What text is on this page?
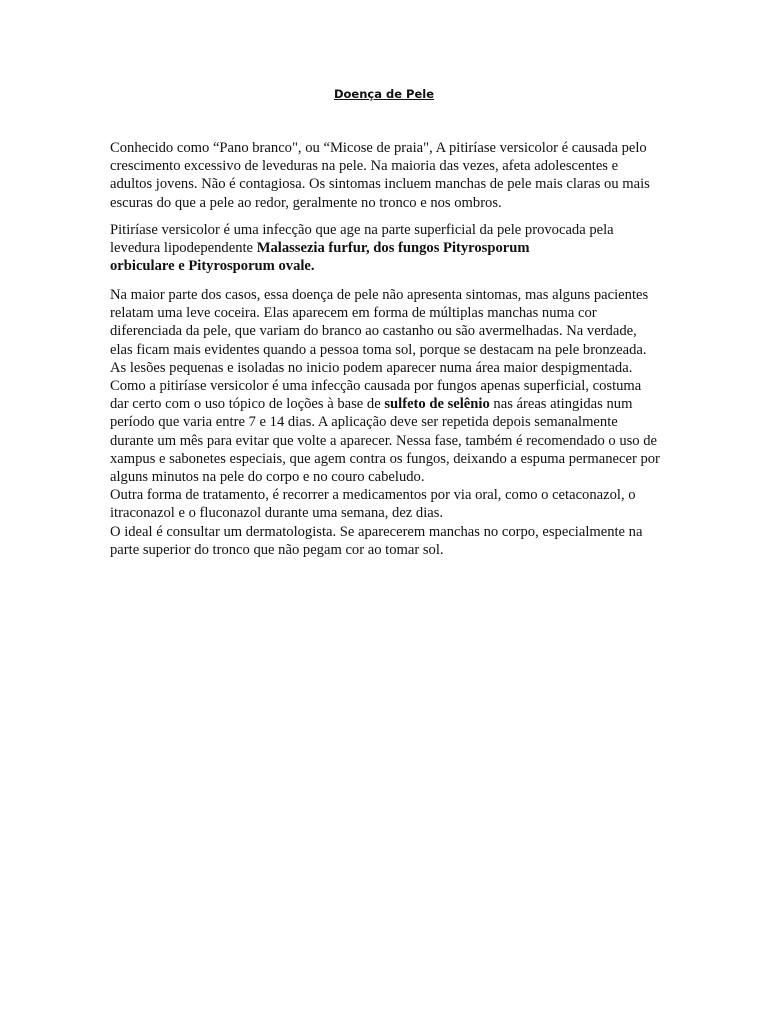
Doença de Pele

Conhecido como “Pano branco", ou “Micose de praia", A pitiríase versicolor é causada pelo crescimento excessivo de leveduras na pele. Na maioria das vezes, afeta adolescentes e adultos jovens. Não é contagiosa. Os sintomas incluem manchas de pele mais claras ou mais escuras do que a pele ao redor, geralmente no tronco e nos ombros.

Pitiríase versicolor é uma infecção que age na parte superficial da pele provocada pela levedura lipodependente Malassezia furfur, dos fungos Pityrosporum
orbiculare e Pityrosporum ovale.

Na maior parte dos casos, essa doença de pele não apresenta sintomas, mas alguns pacientes relatam uma leve coceira. Elas aparecem em forma de múltiplas manchas numa cor diferenciada da pele, que variam do branco ao castanho ou são avermelhadas. Na verdade, elas ficam mais evidentes quando a pessoa toma sol, porque se destacam na pele bronzeada. As lesões pequenas e isoladas no inicio podem aparecer numa área maior despigmentada.
Como a pitiríase versicolor é uma infecção causada por fungos apenas superficial, costuma dar certo com o uso tópico de loções à base de sulfeto de selênio nas áreas atingidas num período que varia entre 7 e 14 dias. A aplicação deve ser repetida depois semanalmente durante um mês para evitar que volte a aparecer. Nessa fase, também é recomendado o uso de xampus e sabonetes especiais, que agem contra os fungos, deixando a espuma permanecer por alguns minutos na pele do corpo e no couro cabeludo.
Outra forma de tratamento, é recorrer a medicamentos por via oral, como o cetaconazol, o itraconazol e o fluconazol durante uma semana, dez dias.
O ideal é consultar um dermatologista. Se aparecerem manchas no corpo, especialmente na parte superior do tronco que não pegam cor ao tomar sol.
